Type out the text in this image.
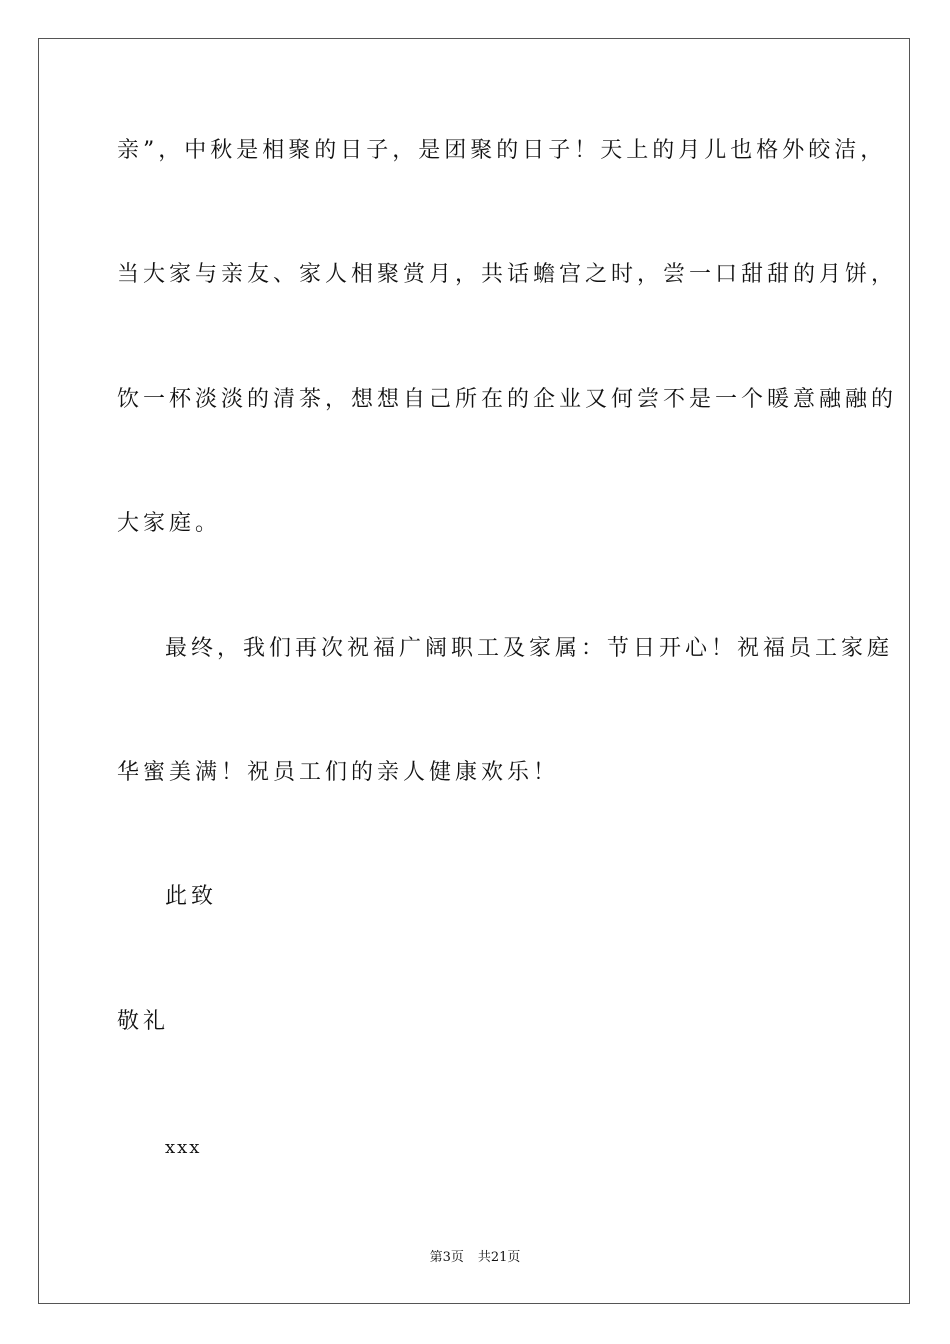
亲”，中秋是相聚的日子，是团聚的日子！天上的月儿也格外皎洁，
当大家与亲友、家人相聚赏月，共话蟾宫之时，尝一口甜甜的月饼，
饮一杯淡淡的清茶，想想自己所在的企业又何尝不是一个暖意融融的
大家庭。
最终，我们再次祝福广阔职工及家属：节日开心！祝福员工家庭
华蜜美满！祝员工们的亲人健康欢乐！
此致
敬礼
xxx
第3页 共21页
